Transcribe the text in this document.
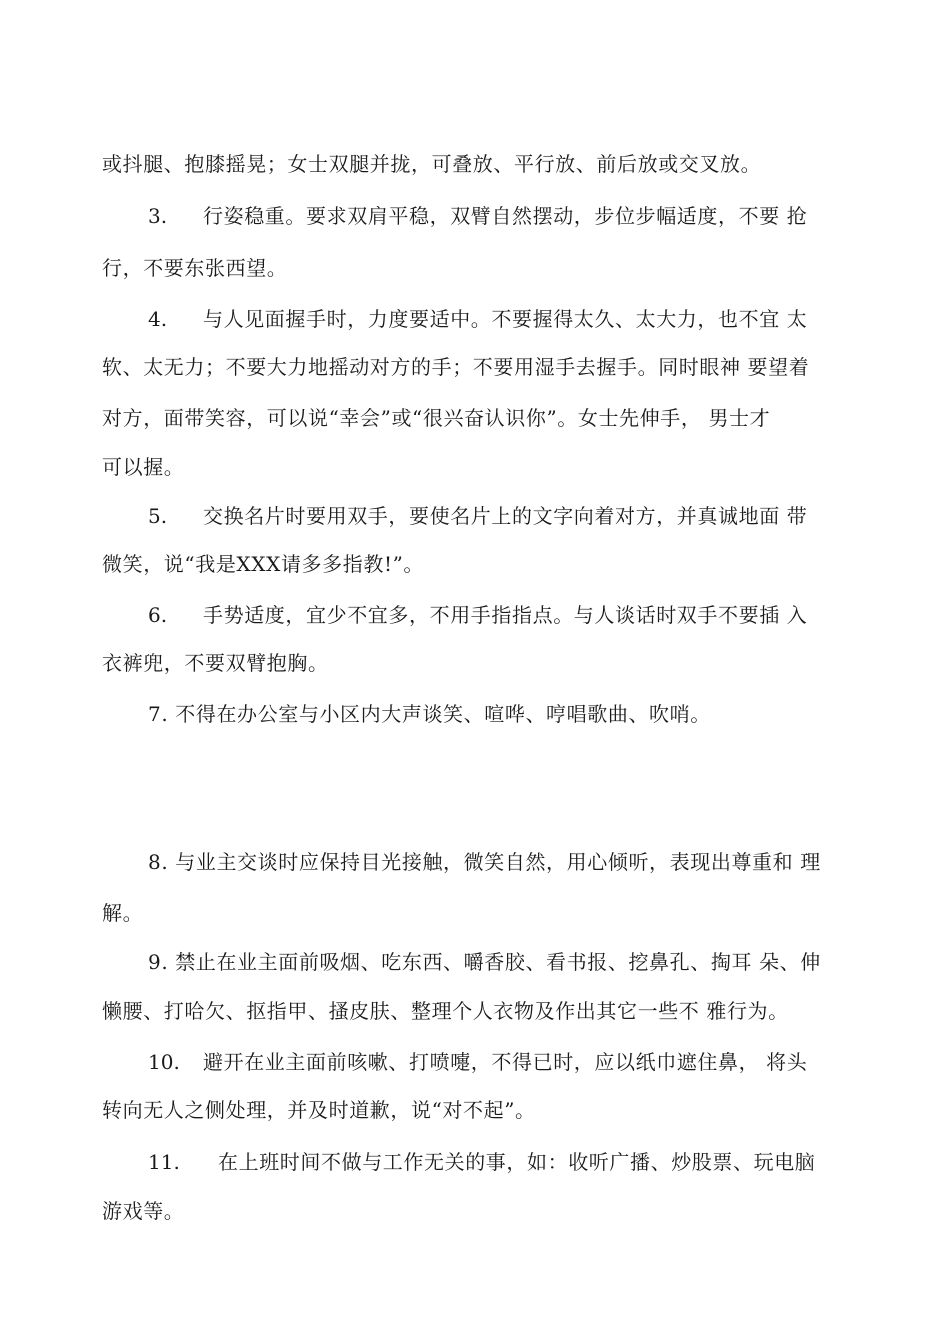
或抖腿、抱膝摇晃；女士双腿并拢，可叠放、平行放、前后放或交叉放。
3. 行姿稳重。要求双肩平稳，双臂自然摆动，步位步幅适度，不要 抢
行，不要东张西望。
4. 与人见面握手时，力度要适中。不要握得太久、太大力，也不宜 太
软、太无力；不要大力地摇动对方的手；不要用湿手去握手。同时眼神 要望着
对方，面带笑容，可以说“幸会”或“很兴奋认识你”。女士先伸手， 男士才
可以握。
5. 交换名片时要用双手，要使名片上的文字向着对方，并真诚地面 带
微笑，说“我是XXX请多多指教!”。
6. 手势适度，宜少不宜多，不用手指指点。与人谈话时双手不要插 入
衣裤兜，不要双臂抱胸。
7. 不得在办公室与小区内大声谈笑、喧哗、哼唱歌曲、吹哨。
8. 与业主交谈时应保持目光接触，微笑自然，用心倾听，表现出尊重和 理
解。
9. 禁止在业主面前吸烟、吃东西、嚼香胶、看书报、挖鼻孔、掏耳 朵、伸
懒腰、打哈欠、抠指甲、搔皮肤、整理个人衣物及作出其它一些不 雅行为。
10. 避开在业主面前咳嗽、打喷嚏，不得已时，应以纸巾遮住鼻， 将头
转向无人之侧处理，并及时道歉，说“对不起”。
11. 在上班时间不做与工作无关的事，如：收听广播、炒股票、玩电脑
游戏等。
